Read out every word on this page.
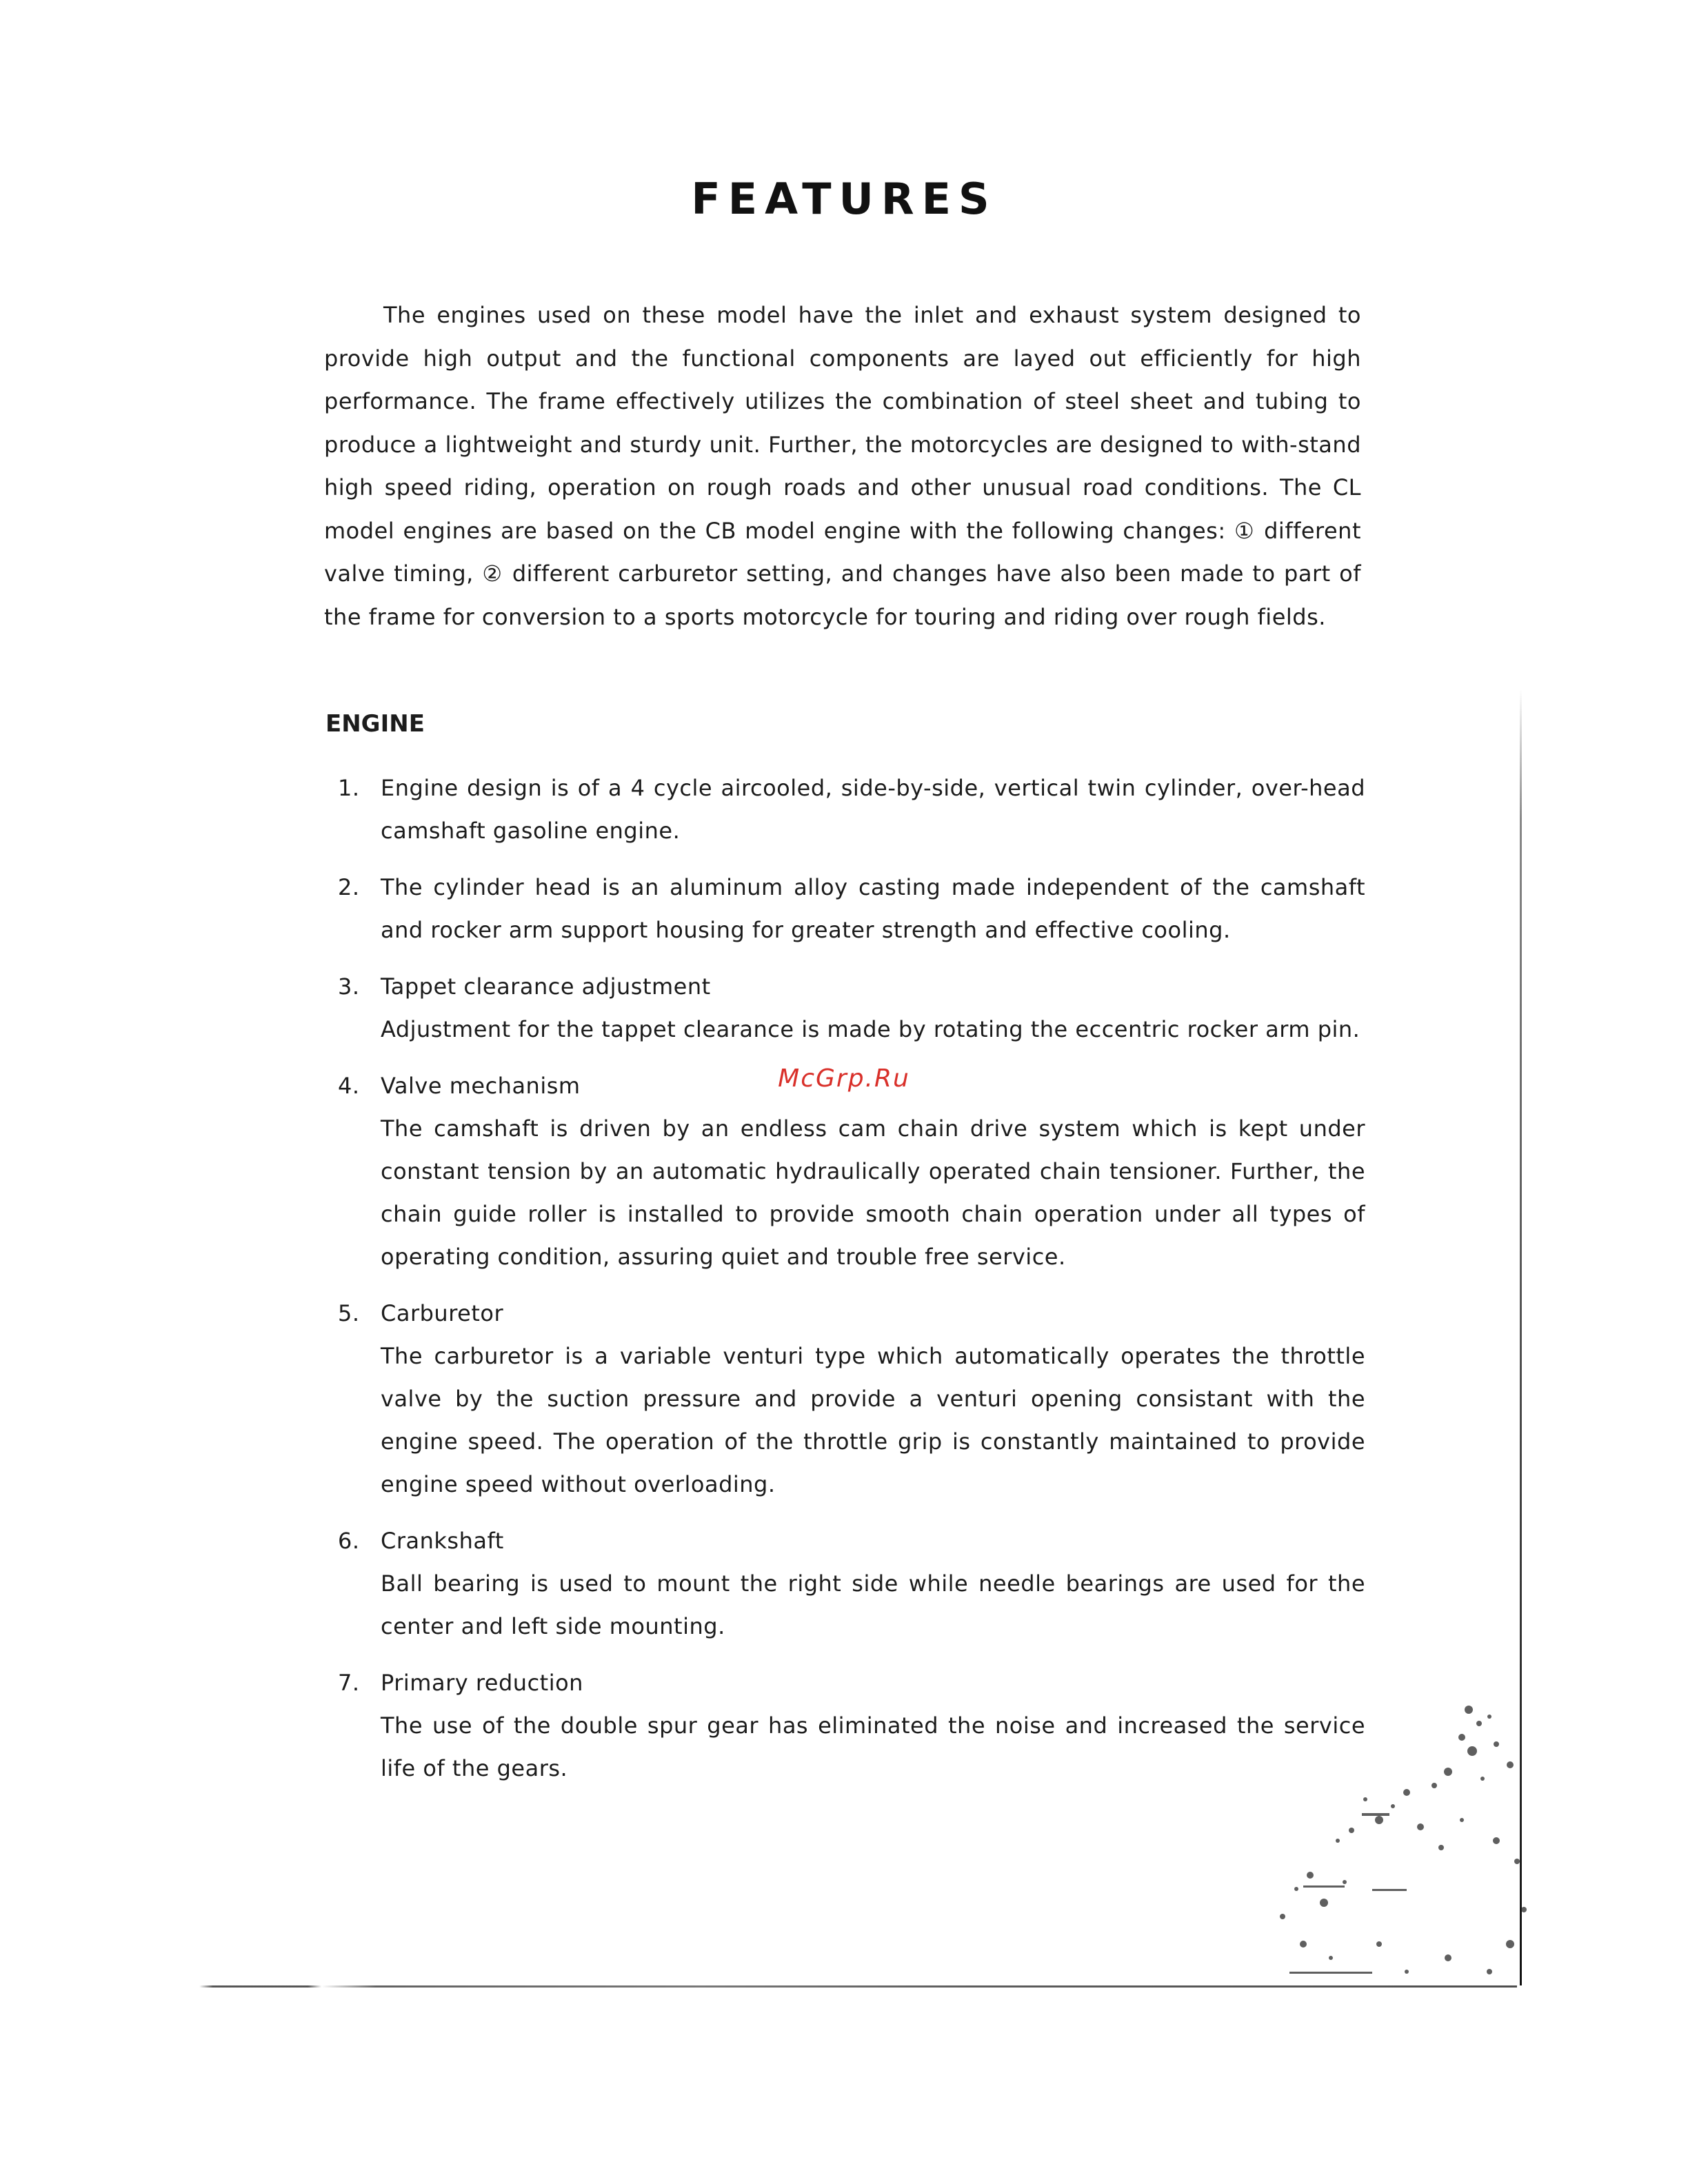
FEATURES

The engines used on these model have the inlet and exhaust system designed to provide high output and the functional components are layed out efficiently for high performance. The frame effectively utilizes the combination of steel sheet and tubing to produce a lightweight and sturdy unit. Further, the motorcycles are designed to with-stand high speed riding, operation on rough roads and other unusual road conditions. The CL model engines are based on the CB model engine with the following changes: ① different valve timing, ② different carburetor setting, and changes have also been made to part of the frame for conversion to a sports motorcycle for touring and riding over rough fields.

ENGINE
1. Engine design is of a 4 cycle aircooled, side-by-side, vertical twin cylinder, over-head camshaft gasoline engine.
2. The cylinder head is an aluminum alloy casting made independent of the camshaft and rocker arm support housing for greater strength and effective cooling.
3. Tappet clearance adjustment
Adjustment for the tappet clearance is made by rotating the eccentric rocker arm pin.
4. Valve mechanism
The camshaft is driven by an endless cam chain drive system which is kept under constant tension by an automatic hydraulically operated chain tensioner. Further, the chain guide roller is installed to provide smooth chain operation under all types of operating condition, assuring quiet and trouble free service.
5. Carburetor
The carburetor is a variable venturi type which automatically operates the throttle valve by the suction pressure and provide a venturi opening consistant with the engine speed. The operation of the throttle grip is constantly maintained to provide engine speed without overloading.
6. Crankshaft
Ball bearing is used to mount the right side while needle bearings are used for the center and left side mounting.
7. Primary reduction
The use of the double spur gear has eliminated the noise and increased the service life of the gears.
McGrp.Ru
